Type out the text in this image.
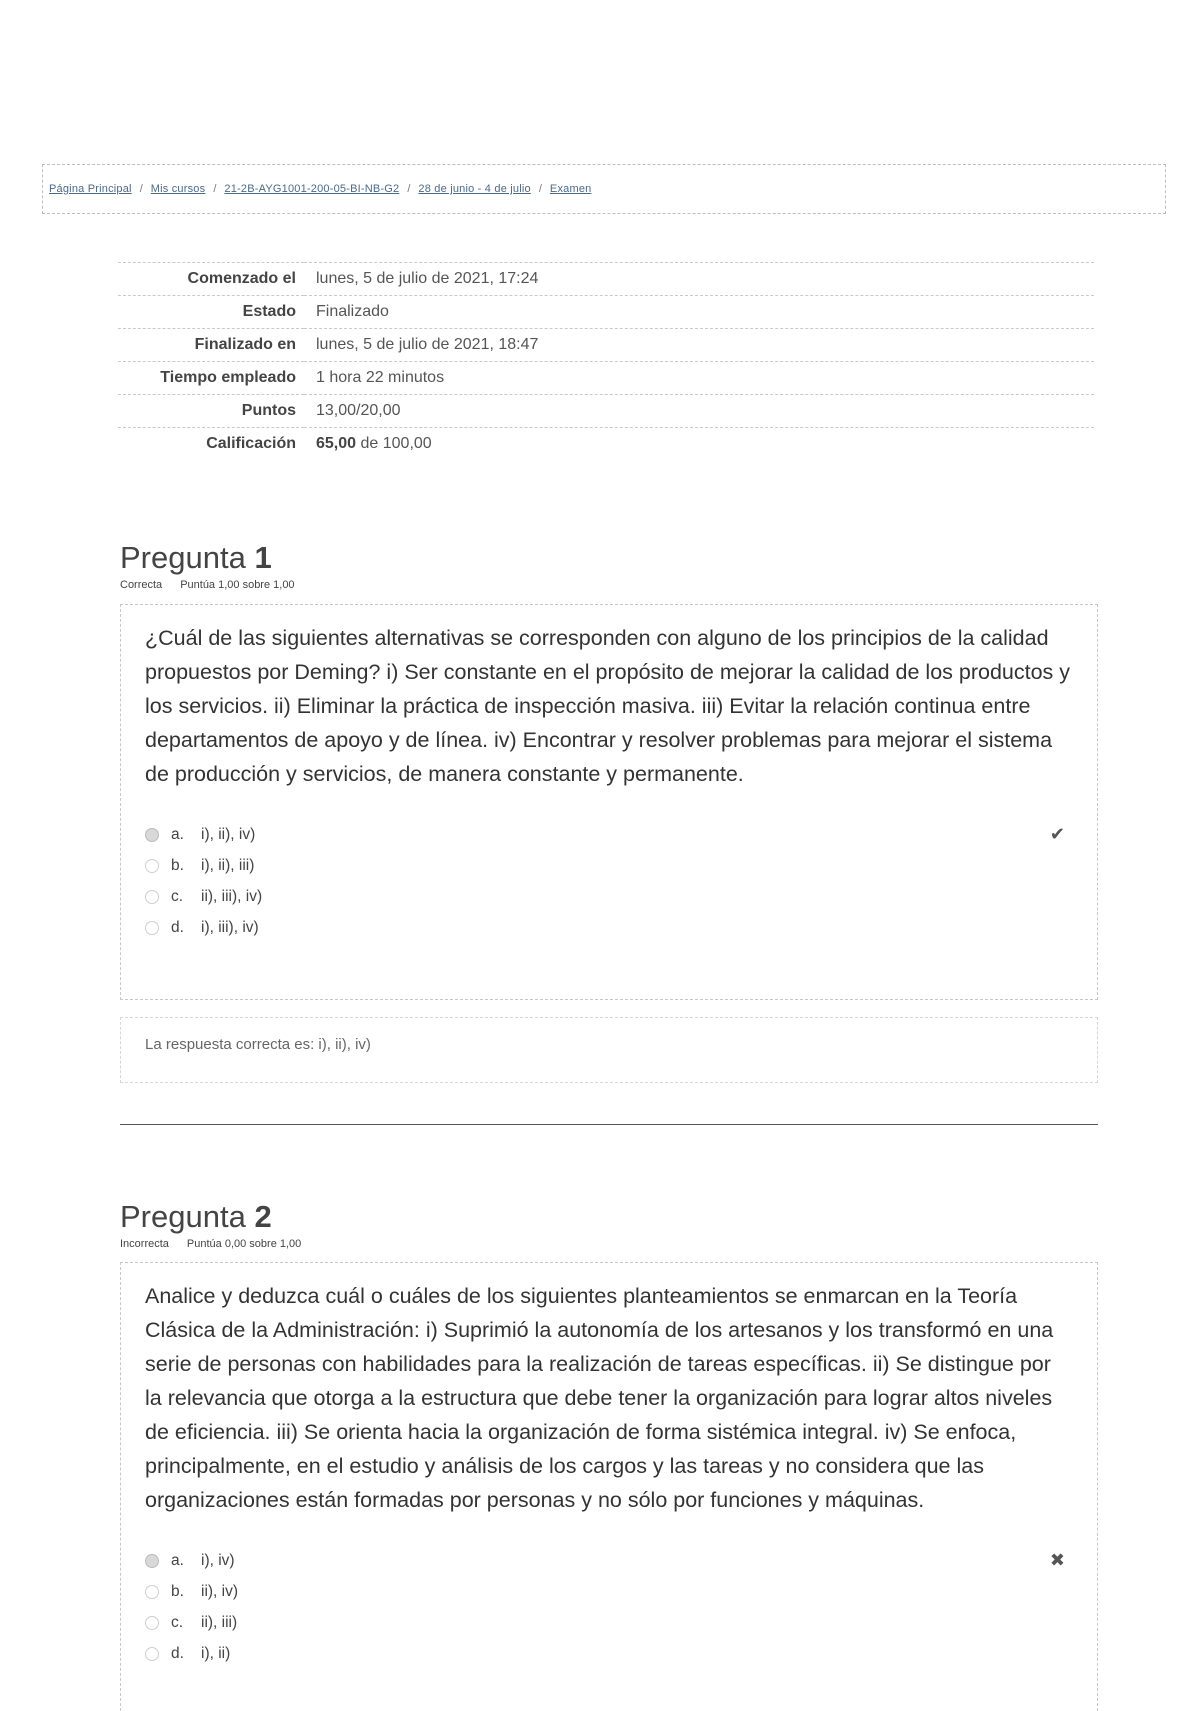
Página Principal / Mis cursos / 21-2B-AYG1001-200-05-BI-NB-G2 / 28 de junio - 4 de julio / Examen
Comenzado el	lunes, 5 de julio de 2021, 17:24
Estado	Finalizado
Finalizado en	lunes, 5 de julio de 2021, 18:47
Tiempo empleado	1 hora 22 minutos
Puntos	13,00/20,00
Calificación	65,00 de 100,00
Pregunta 1
Correcta Puntúa 1,00 sobre 1,00

¿Cuál de las siguientes alternativas se corresponden con alguno de los principios de la calidad propuestos por Deming? i) Ser constante en el propósito de mejorar la calidad de los productos y los servicios. ii) Eliminar la práctica de inspección masiva. iii) Evitar la relación continua entre departamentos de apoyo y de línea. iv) Encontrar y resolver problemas para mejorar el sistema de producción y servicios, de manera constante y permanente.

a.	i), ii), iv)	✔
b.	i), ii), iii)
c.	ii), iii), iv)
d.	i), iii), iv)
La respuesta correcta es: i), ii), iv)
Pregunta 2
Incorrecta Puntúa 0,00 sobre 1,00

Analice y deduzca cuál o cuáles de los siguientes planteamientos se enmarcan en la Teoría Clásica de la Administración: i) Suprimió la autonomía de los artesanos y los transformó en una serie de personas con habilidades para la realización de tareas específicas. ii) Se distingue por la relevancia que otorga a la estructura que debe tener la organización para lograr altos niveles de eficiencia. iii) Se orienta hacia la organización de forma sistémica integral. iv) Se enfoca, principalmente, en el estudio y análisis de los cargos y las tareas y no considera que las organizaciones están formadas por personas y no sólo por funciones y máquinas.

a.	i), iv)	✖
b.	ii), iv)
c.	ii), iii)
d.	i), ii)
